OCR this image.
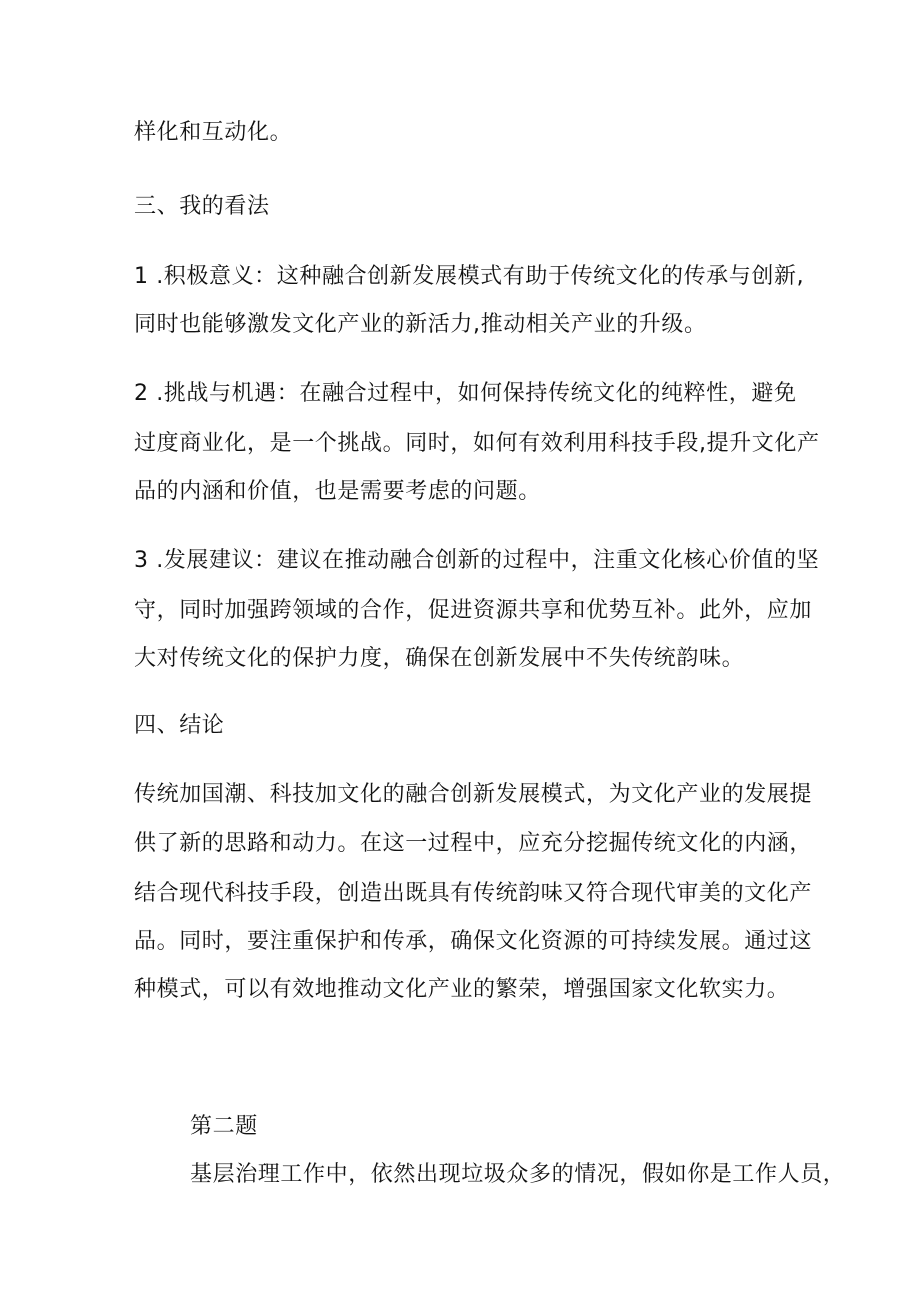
样化和互动化。
三、我的看法
1 .积极意义：这种融合创新发展模式有助于传统文化的传承与创新,
同时也能够激发文化产业的新活力,推动相关产业的升级。
2 .挑战与机遇：在融合过程中，如何保持传统文化的纯粹性，避免
过度商业化，是一个挑战。同时，如何有效利用科技手段,提升文化产
品的内涵和价值，也是需要考虑的问题。
3 .发展建议：建议在推动融合创新的过程中，注重文化核心价值的坚
守，同时加强跨领域的合作，促进资源共享和优势互补。此外，应加
大对传统文化的保护力度，确保在创新发展中不失传统韵味。
四、结论
传统加国潮、科技加文化的融合创新发展模式，为文化产业的发展提
供了新的思路和动力。在这一过程中，应充分挖掘传统文化的内涵，
结合现代科技手段，创造出既具有传统韵味又符合现代审美的文化产
品。同时，要注重保护和传承，确保文化资源的可持续发展。通过这
种模式，可以有效地推动文化产业的繁荣，增强国家文化软实力。
第二题
基层治理工作中，依然出现垃圾众多的情况，假如你是工作人员，
